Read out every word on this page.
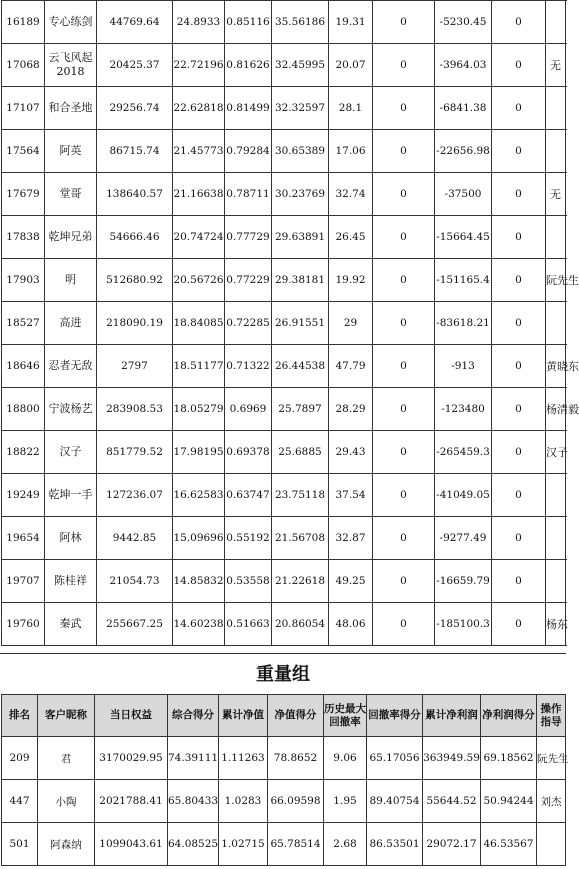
16189	专心练剑	44769.64	24.8933	0.85116	35.56186	19.31	0	-5230.45	0	
17068	云飞风起2018	20425.37	22.72196	0.81626	32.45995	20.07	0	-3964.03	0	无
17107	和合圣地	29256.74	22.62818	0.81499	32.32597	28.1	0	-6841.38	0	
17564	阿英	86715.74	21.45773	0.79284	30.65389	17.06	0	-22656.98	0	
17679	堂哥	138640.57	21.16638	0.78711	30.23769	32.74	0	-37500	0	无
17838	乾坤兄弟	54666.46	20.74724	0.77729	29.63891	26.45	0	-15664.45	0	
17903	明	512680.92	20.56726	0.77229	29.38181	19.92	0	-151165.4	0	阮先生
18527	高进	218090.19	18.84085	0.72285	26.91551	29	0	-83618.21	0	
18646	忍者无敌	2797	18.51177	0.71322	26.44538	47.79	0	-913	0	黄晓东
18800	宁波杨艺	283908.53	18.05279	0.6969	25.7897	28.29	0	-123480	0	杨清毅
18822	汉子	851779.52	17.98195	0.69378	25.6885	29.43	0	-265459.3	0	汉子
19249	乾坤一手	127236.07	16.62583	0.63747	23.75118	37.54	0	-41049.05	0	
19654	阿林	9442.85	15.09696	0.55192	21.56708	32.87	0	-9277.49	0	
19707	陈桂祥	21054.73	14.85832	0.53558	21.22618	49.25	0	-16659.79	0	
19760	秦武	255667.25	14.60238	0.51663	20.86054	48.06	0	-185100.3	0	杨东
重量组
排名	客户昵称	当日权益	综合得分	累计净值	净值得分	历史最大回撤率	回撤率得分	累计净利润	净利润得分	操作指导
209	君	3170029.95	74.39111	1.11263	78.8652	9.06	65.17056	363949.59	69.18562	阮先生
447	小陶	2021788.41	65.80433	1.0283	66.09598	1.95	89.40754	55644.52	50.94244	刘杰
501	阿森纳	1099043.61	64.08525	1.02715	65.78514	2.68	86.53501	29072.17	46.53567	
